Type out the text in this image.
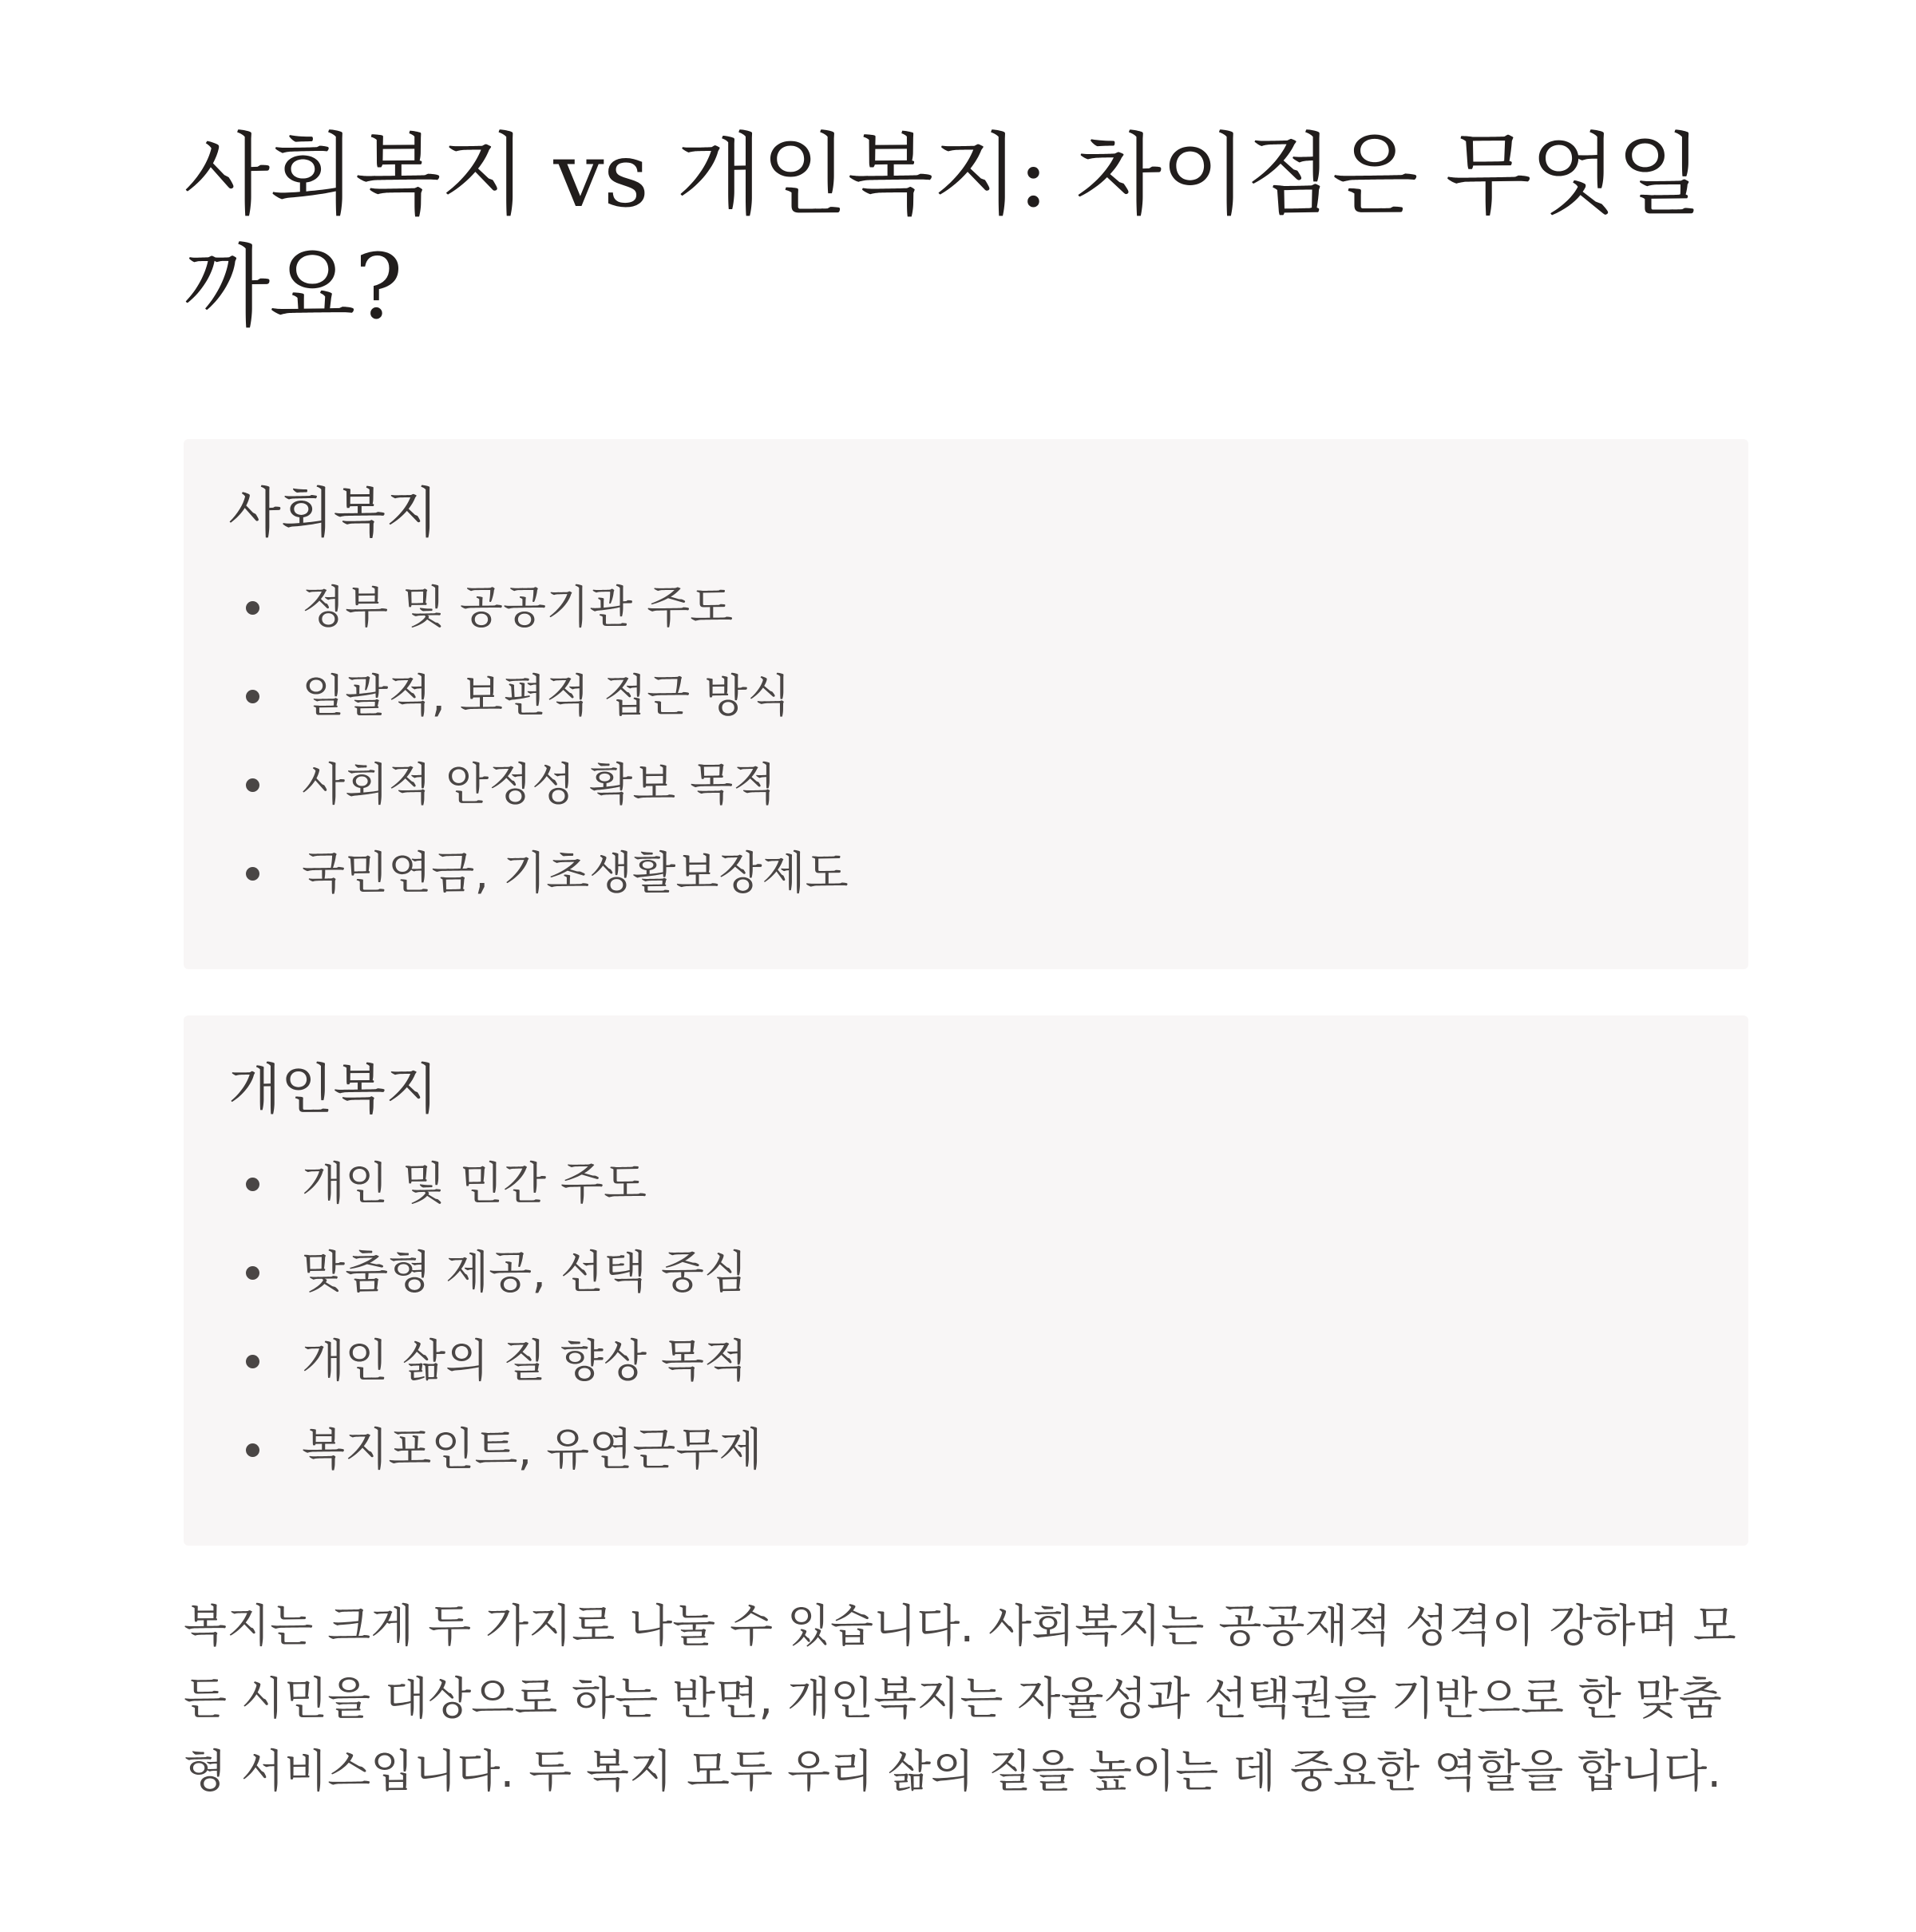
사회복지 vs 개인복지: 차이점은 무엇일까요?
사회복지
정부 및 공공기관 주도
일괄적, 보편적 접근 방식
사회적 안정성 확보 목적
국민연금, 기초생활보장제도
개인복지
개인 및 민간 주도
맞춤형 제공, 선택 중심
개인 삶의 질 향상 목적
복지포인트, 유연근무제

복지는 크게 두 가지로 나눌 수 있습니다. 사회복지는 공공재적 성격이 강하며 모든 시민을 대상으로 하는 반면, 개인복지는 자율성과 선택권을 기반으로 한 맞춤형 서비스입니다. 두 복지 모두 우리 삶의 질을 높이는 데 중요한 역할을 합니다.
